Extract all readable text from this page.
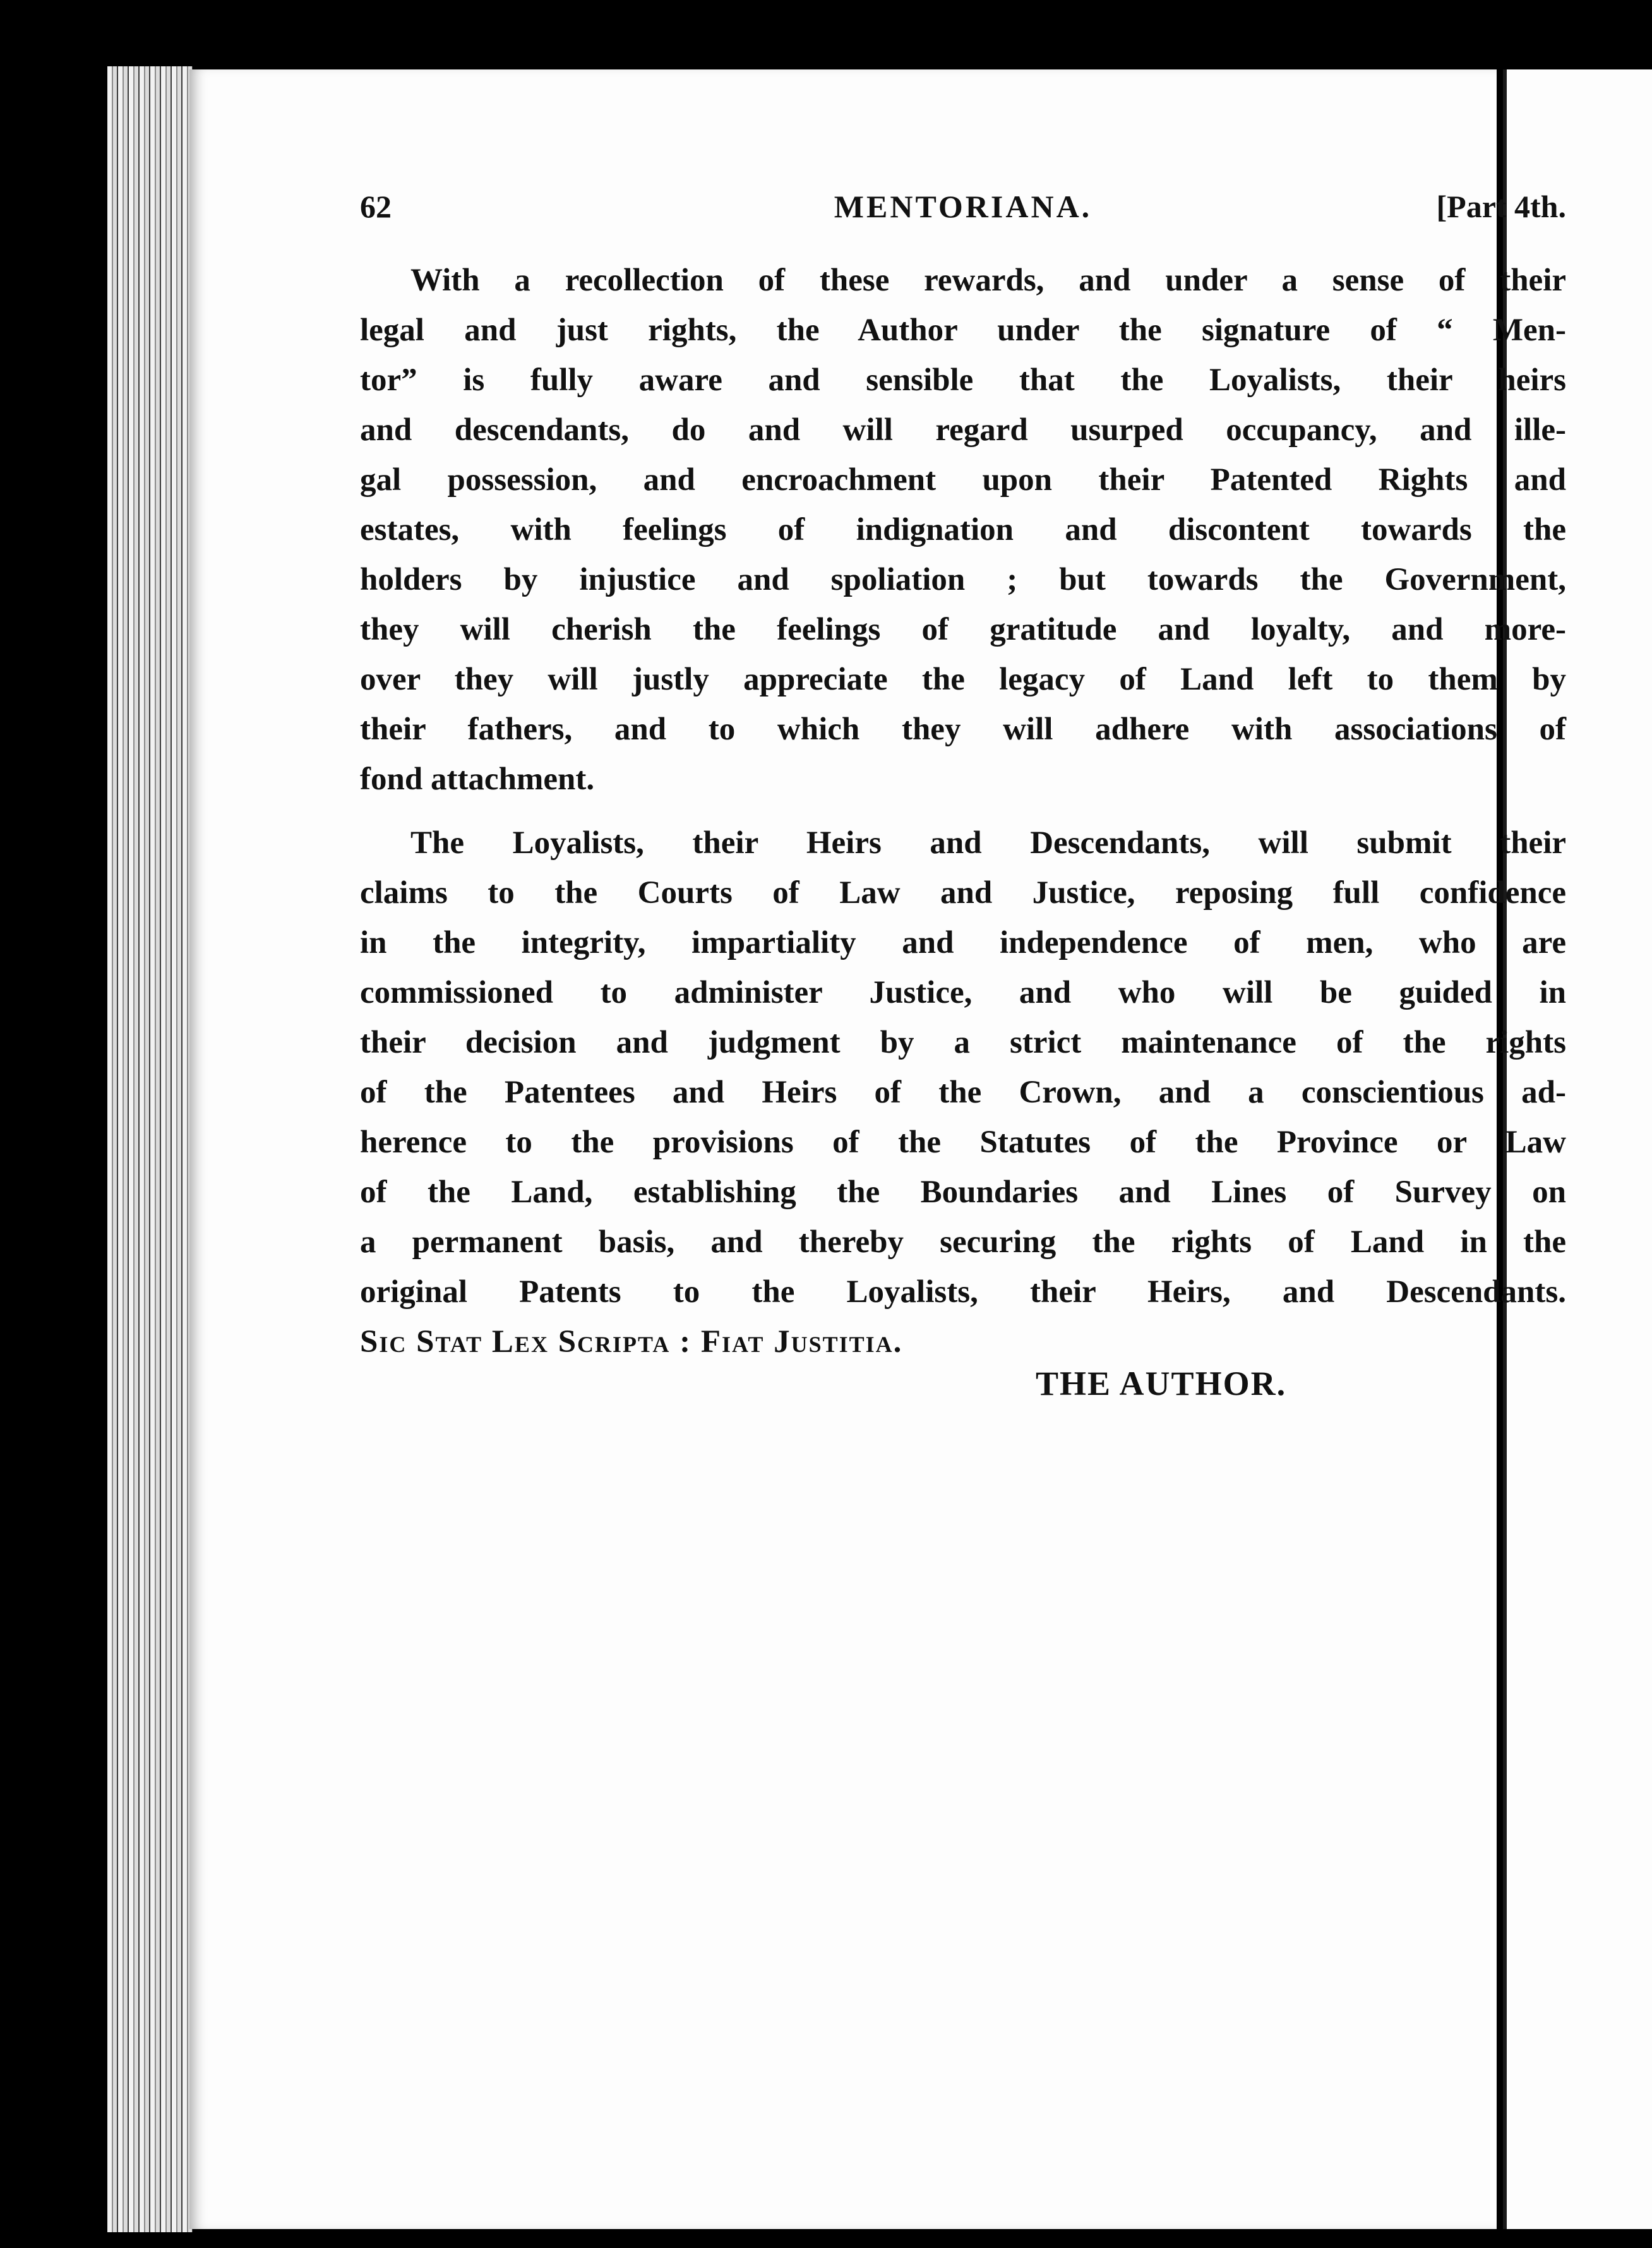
62	MENTORIANA.	[Part 4th.
With a recollection of these rewards, and under a sense of their
legal and just rights, the Author under the signature of “ Men-
tor” is fully aware and sensible that the Loyalists, their heirs
and descendants, do and will regard usurped occupancy, and ille-
gal possession, and encroachment upon their Patented Rights and
estates, with feelings of indignation and discontent towards the
holders by injustice and spoliation ; but towards the Government,
they will cherish the feelings of gratitude and loyalty, and more-
over they will justly appreciate the legacy of Land left to them by
their fathers, and to which they will adhere with associations of
fond attachment.
The Loyalists, their Heirs and Descendants, will submit their
claims to the Courts of Law and Justice, reposing full confidence
in the integrity, impartiality and independence of men, who are
commissioned to administer Justice, and who will be guided in
their decision and judgment by a strict maintenance of the rights
of the Patentees and Heirs of the Crown, and a conscientious ad-
herence to the provisions of the Statutes of the Province or Law
of the Land, establishing the Boundaries and Lines of Survey on
a permanent basis, and thereby securing the rights of Land in the
original Patents to the Loyalists, their Heirs, and Descendants.
Sic Stat Lex Scripta : Fiat Justitia.
THE AUTHOR.
